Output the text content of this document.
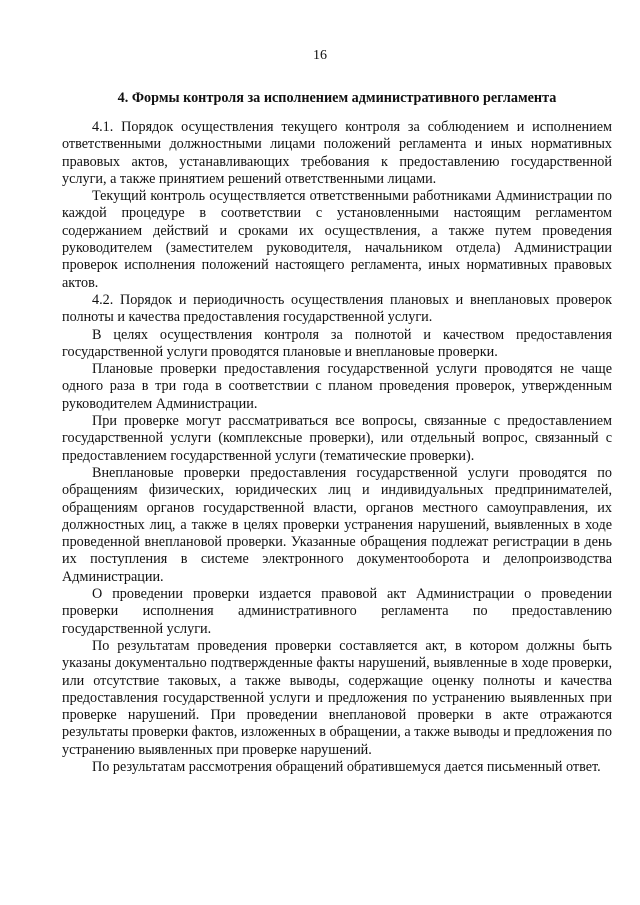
16
4. Формы контроля за исполнением административного регламента

4.1. Порядок осуществления текущего контроля за соблюдением и исполнением ответственными должностными лицами положений регламента и иных нормативных правовых актов, устанавливающих требования к предоставлению государственной услуги, а также принятием решений ответственными лицами.

Текущий контроль осуществляется ответственными работниками Администрации по каждой процедуре в соответствии с установленными настоящим регламентом содержанием действий и сроками их осуществления, а также путем проведения руководителем (заместителем руководителя, начальником отдела) Администрации проверок исполнения положений настоящего регламента, иных нормативных правовых актов.

4.2. Порядок и периодичность осуществления плановых и внеплановых проверок полноты и качества предоставления государственной услуги.

В целях осуществления контроля за полнотой и качеством предоставления государственной услуги проводятся плановые и внеплановые проверки.

Плановые проверки предоставления государственной услуги проводятся не чаще одного раза в три года в соответствии с планом проведения проверок, утвержденным руководителем Администрации.

При проверке могут рассматриваться все вопросы, связанные с предоставлением государственной услуги (комплексные проверки), или отдельный вопрос, связанный с предоставлением государственной услуги (тематические проверки).

Внеплановые проверки предоставления государственной услуги проводятся по обращениям физических, юридических лиц и индивидуальных предпринимателей, обращениям органов государственной власти, органов местного самоуправления, их должностных лиц, а также в целях проверки устранения нарушений, выявленных в ходе проведенной внеплановой проверки. Указанные обращения подлежат регистрации в день их поступления в системе электронного документооборота и делопроизводства Администрации.

О проведении проверки издается правовой акт Администрации о проведении проверки исполнения административного регламента по предоставлению государственной услуги.

По результатам проведения проверки составляется акт, в котором должны быть указаны документально подтвержденные факты нарушений, выявленные в ходе проверки, или отсутствие таковых, а также выводы, содержащие оценку полноты и качества предоставления государственной услуги и предложения по устранению выявленных при проверке нарушений. При проведении внеплановой проверки в акте отражаются результаты проверки фактов, изложенных в обращении, а также выводы и предложения по устранению выявленных при проверке нарушений.

По результатам рассмотрения обращений обратившемуся дается письменный ответ.
